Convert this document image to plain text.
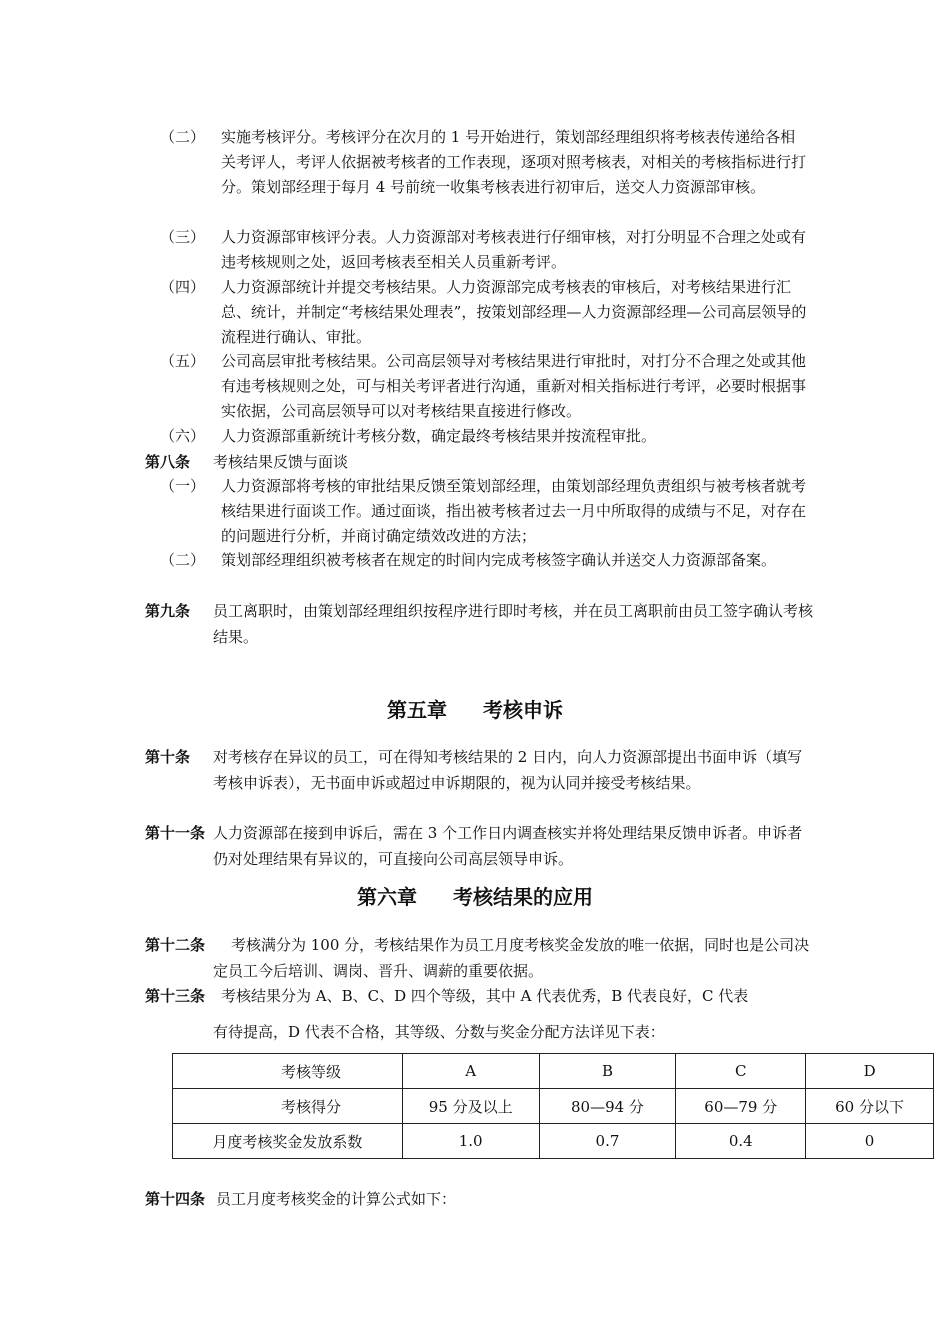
（二）	实施考核评分。考核评分在次月的 1 号开始进行，策划部经理组织将考核表传递给各相关考评人，考评人依据被考核者的工作表现，逐项对照考核表，对相关的考核指标进行打分。策划部经理于每月 4 号前统一收集考核表进行初审后，送交人力资源部审核。
（三）	人力资源部审核评分表。人力资源部对考核表进行仔细审核，对打分明显不合理之处或有违考核规则之处，返回考核表至相关人员重新考评。
（四）	人力资源部统计并提交考核结果。人力资源部完成考核表的审核后，对考核结果进行汇总、统计，并制定“考核结果处理表”，按策划部经理—人力资源部经理—公司高层领导的流程进行确认、审批。
（五）	公司高层审批考核结果。公司高层领导对考核结果进行审批时，对打分不合理之处或其他有违考核规则之处，可与相关考评者进行沟通，重新对相关指标进行考评，必要时根据事实依据，公司高层领导可以对考核结果直接进行修改。
（六）	人力资源部重新统计考核分数，确定最终考核结果并按流程审批。
第八条 考核结果反馈与面谈
（一）	人力资源部将考核的审批结果反馈至策划部经理，由策划部经理负责组织与被考核者就考核结果进行面谈工作。通过面谈，指出被考核者过去一月中所取得的成绩与不足，对存在的问题进行分析，并商讨确定绩效改进的方法；
（二）	策划部经理组织被考核者在规定的时间内完成考核签字确认并送交人力资源部备案。
第九条 员工离职时，由策划部经理组织按程序进行即时考核，并在员工离职前由员工签字确认考核结果。
第五章 考核申诉
第十条 对考核存在异议的员工，可在得知考核结果的 2 日内，向人力资源部提出书面申诉（填写考核申诉表），无书面申诉或超过申诉期限的，视为认同并接受考核结果。
第十一条 人力资源部在接到申诉后，需在 3 个工作日内调查核实并将处理结果反馈申诉者。申诉者仍对处理结果有异议的，可直接向公司高层领导申诉。
第六章 考核结果的应用
第十二条	考核满分为 100 分，考核结果作为员工月度考核奖金发放的唯一依据，同时也是公司决定员工今后培训、调岗、晋升、调薪的重要依据。
第十三条	考核结果分为 A、B、C、D 四个等级，其中 A 代表优秀，B 代表良好，C 代表
有待提高，D 代表不合格，其等级、分数与奖金分配方法详见下表：
考核等级	A	B	C	D
考核得分	95 分及以上	80—94 分	60—79 分	60 分以下
月度考核奖金发放系数	1.0	0.7	0.4	0
第十四条 员工月度考核奖金的计算公式如下：
